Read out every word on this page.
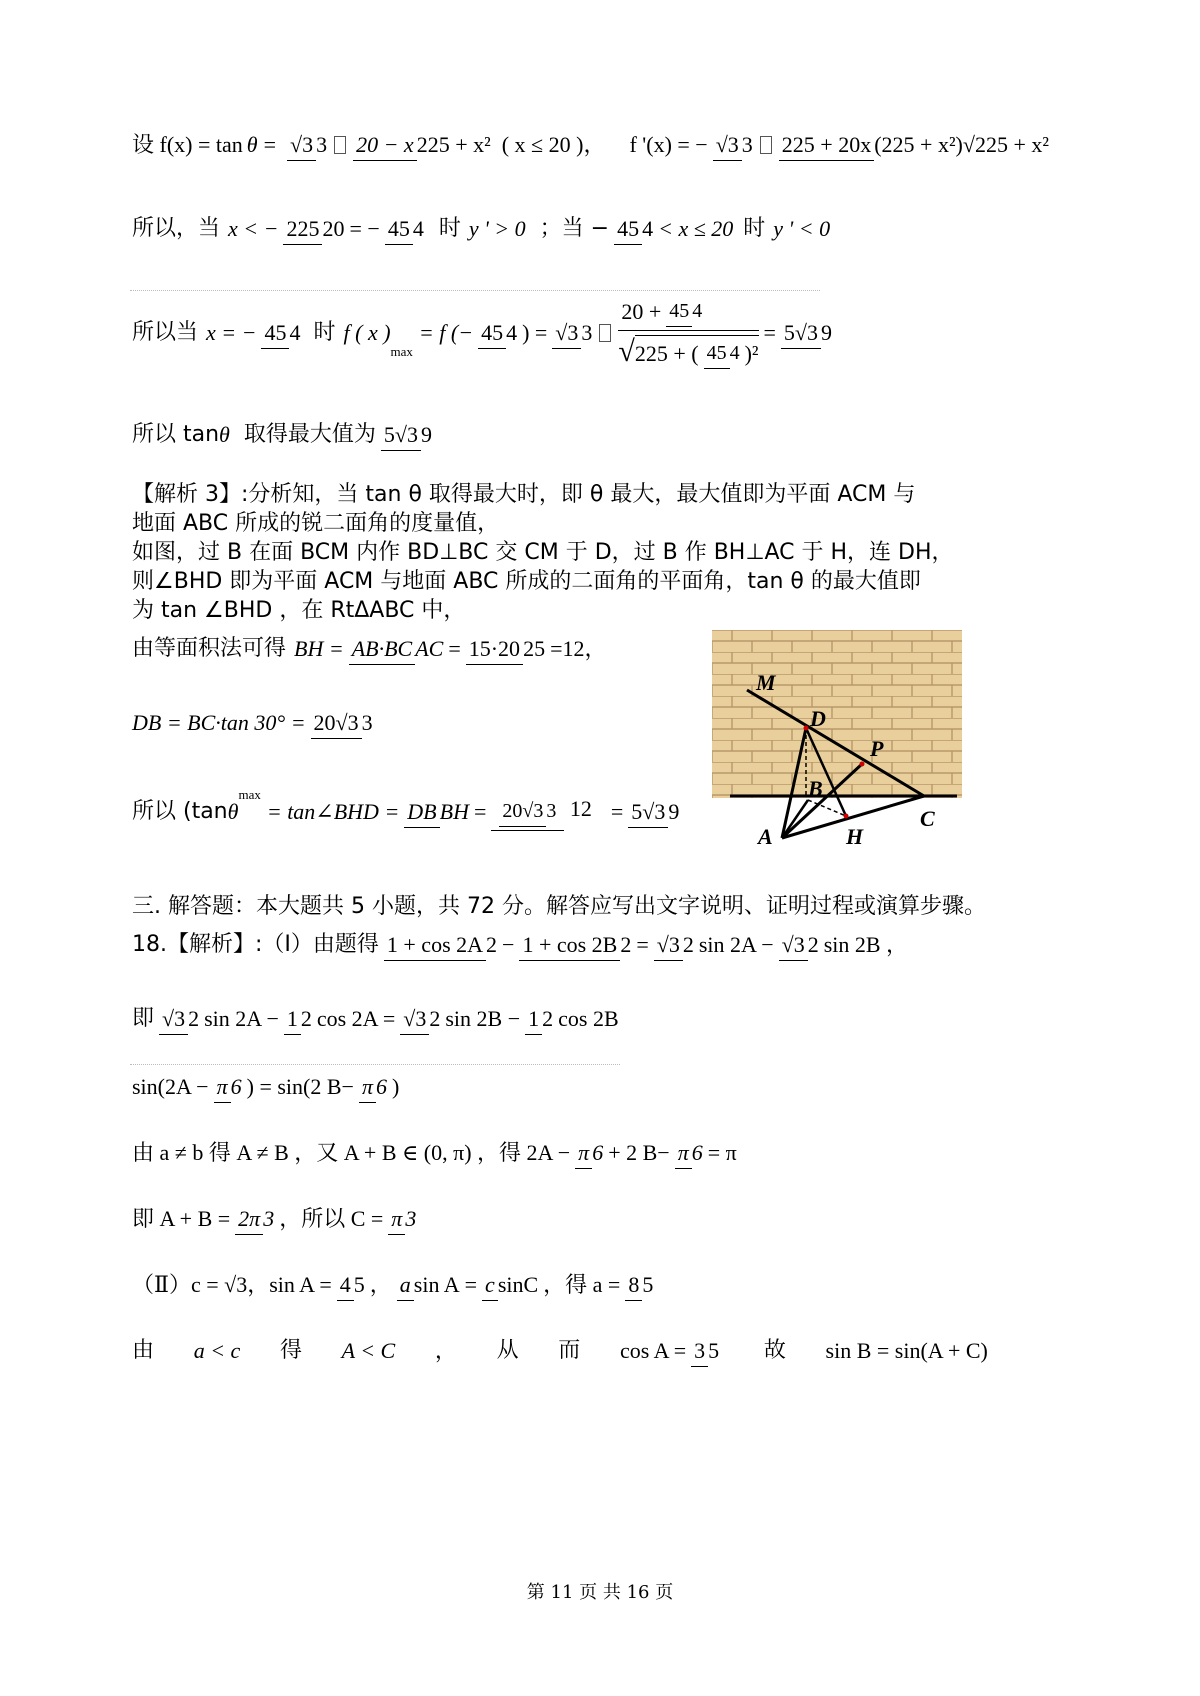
设 f(x) = tan θ = √3 3 20 − x 225 + x² ( x ≤ 20 )， f '(x) = − √3 3 225 + 20x (225 + x²)√225 + x²
所以，当 x < − 225 20 = − 45 4 时 y ' > 0 ；当 − 45 4 < x ≤ 20 时 y ' < 0
所以当 x = − 45 4 时 f ( x )
max
= f (− 45 4 ) = √3 $3 \frac{20 + 45 4}{\text{√ 225 + ( 45 4 )²}} = 5√3$ 9
所以 tan θ 取得最大值为 5√3 9
【解析 3】:分析知，当 tan θ 取得最大时，即 θ 最大，最大值即为平面 ACM 与
地面 ABC 所成的锐二面角的度量值，
如图，过 B 在面 BCM 内作 BD⊥BC 交 CM 于 D，过 B 作 BH⊥AC 于 H，连 DH，
则∠BHD 即为平面 ACM 与地面 ABC 所成的二面角的平面角，tan θ 的最大值即
为 tan ∠BHD ，在 RtΔABC 中，
由等面积法可得 BH = AB·BC AC = 15·20 25 =12，
DB = BC·tan 30° = 20√3 3
所以 (tan θ
max
= tan∠BHD = DB BH = 20√3 3 12 = 5√3 9
M
D
P
B
C
A	H
三. 解答题：本大题共 5 小题，共 72 分。解答应写出文字说明、证明过程或演算步骤。
18.【解析】:（Ⅰ）由题得 1 + cos 2A 2 − 1 + cos 2B 2 = √3 2 sin 2A − √3 2 sin 2B ，
即 √3 2 sin 2A − 1 2 cos 2A = √3 2 sin 2B − 1 2 cos 2B
sin(2A − π 6 ) = sin(2 B− π 6 )
由 a ≠ b 得 A ≠ B ，又 A + B ∈ (0, π) ，得 2A − π 6 + 2 B− π 6 = π
即 A + B = 2π 3 ，所以 C = π 3
（Ⅱ）c = √3，sin A = 4 5 ， a sin A = c sinC ，得 a = 8 5
由 a < c 得 A < C ， 从 而 cos A = 3 5 故 sin B = sin(A + C)
第 11 页 共 16 页
